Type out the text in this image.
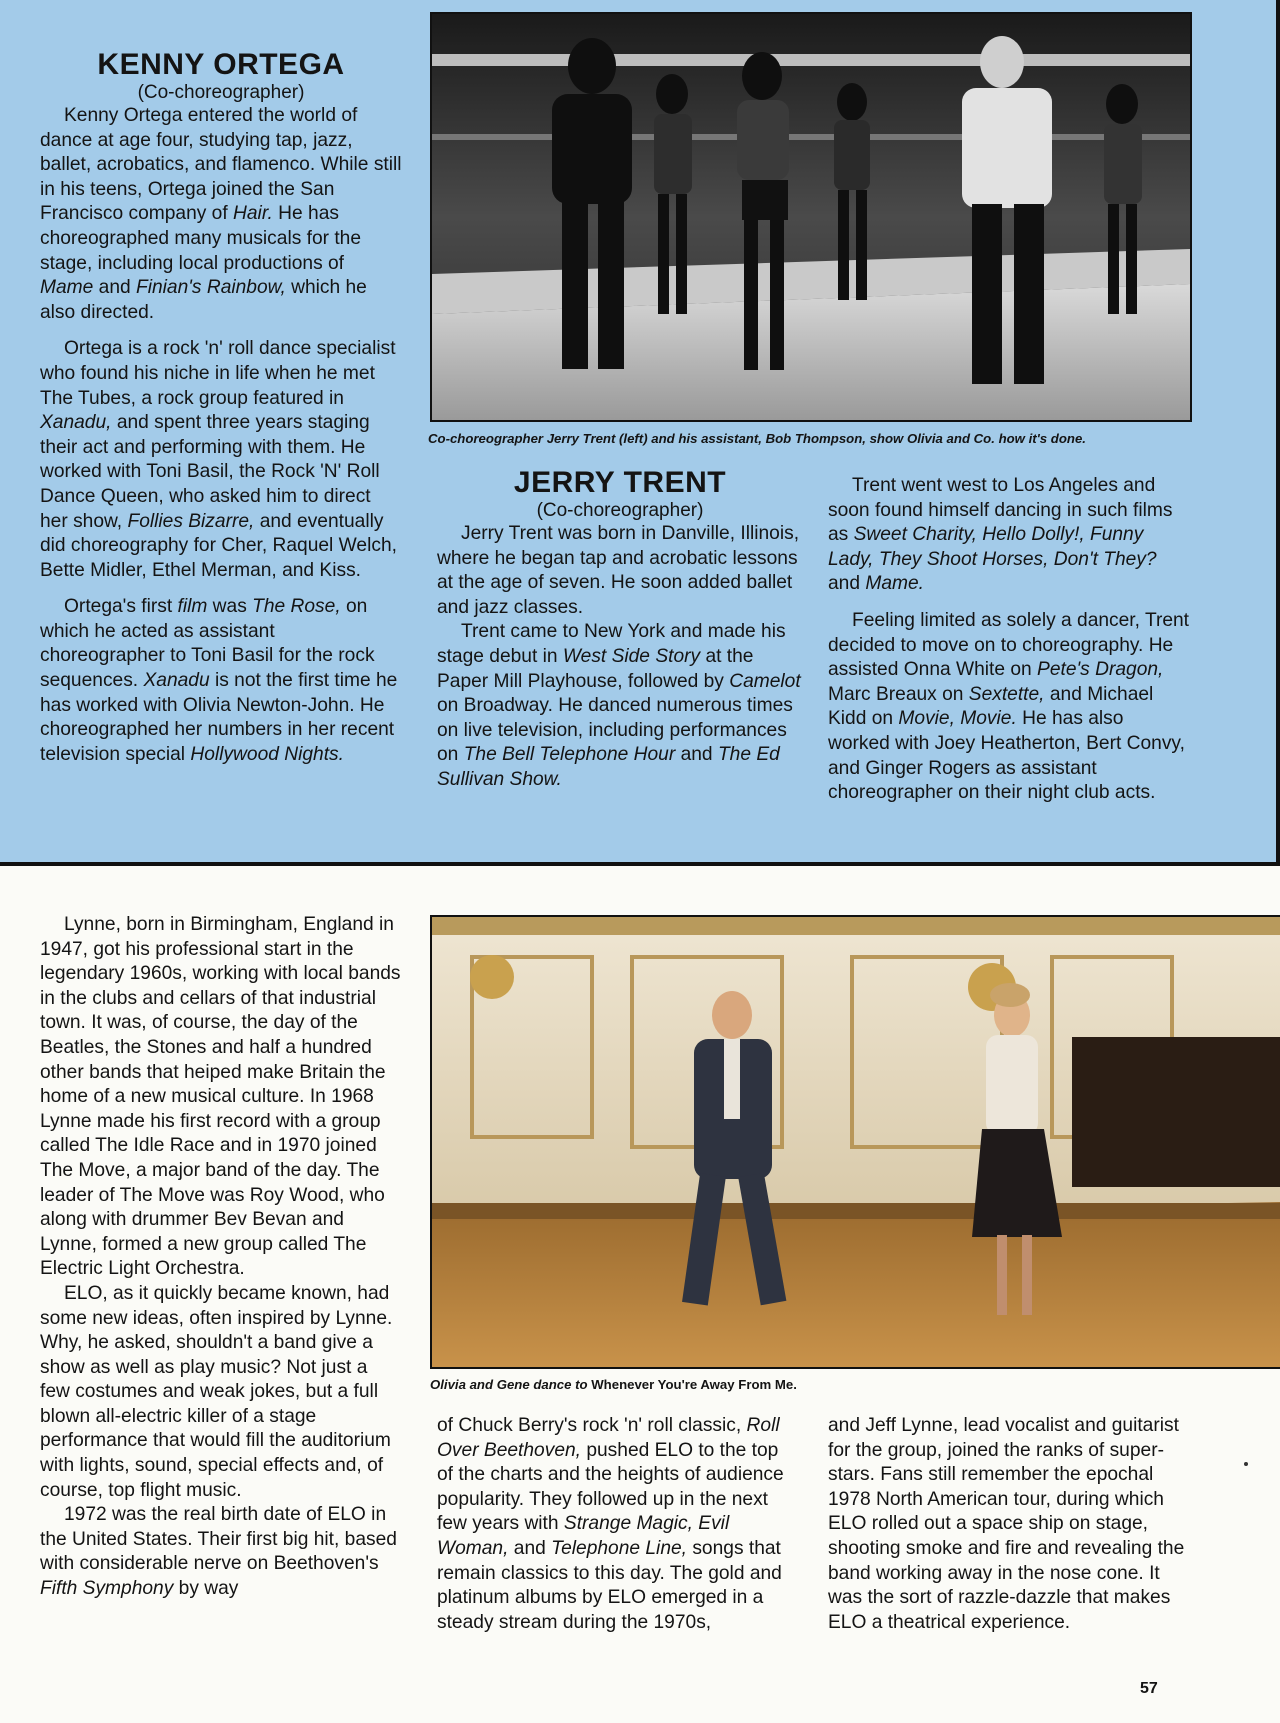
KENNY ORTEGA

(Co-choreographer)

Kenny Ortega entered the world of dance at age four, studying tap, jazz, ballet, acrobatics, and flamenco. While still in his teens, Ortega joined the San Francisco company of Hair. He has choreographed many musicals for the stage, including local productions of Mame and Finian's Rainbow, which he also directed.

Ortega is a rock 'n' roll dance specialist who found his niche in life when he met The Tubes, a rock group featured in Xanadu, and spent three years staging their act and performing with them. He worked with Toni Basil, the Rock 'N' Roll Dance Queen, who asked him to direct her show, Follies Bizarre, and eventually did choreography for Cher, Raquel Welch, Bette Midler, Ethel Merman, and Kiss.

Ortega's first film was The Rose, on which he acted as assistant choreographer to Toni Basil for the rock sequences. Xanadu is not the first time he has worked with Olivia Newton-John. He choreographed her numbers in her recent television special Hollywood Nights.

Co-choreographer Jerry Trent (left) and his assistant, Bob Thompson, show Olivia and Co. how it's done.
JERRY TRENT

(Co-choreographer)

Jerry Trent was born in Danville, Illinois, where he began tap and acrobatic lessons at the age of seven. He soon added ballet and jazz classes.

Trent came to New York and made his stage debut in West Side Story at the Paper Mill Playhouse, followed by Camelot on Broadway. He danced numerous times on live television, including performances on The Bell Telephone Hour and The Ed Sullivan Show.

Trent went west to Los Angeles and soon found himself dancing in such films as Sweet Charity, Hello Dolly!, Funny Lady, They Shoot Horses, Don't They? and Mame.

Feeling limited as solely a dancer, Trent decided to move on to choreography. He assisted Onna White on Pete's Dragon, Marc Breaux on Sextette, and Michael Kidd on Movie, Movie. He has also worked with Joey Heatherton, Bert Convy, and Ginger Rogers as assistant choreographer on their night club acts.

Lynne, born in Birmingham, England in 1947, got his professional start in the legendary 1960s, working with local bands in the clubs and cellars of that industrial town. It was, of course, the day of the Beatles, the Stones and half a hundred other bands that heiped make Britain the home of a new musical culture. In 1968 Lynne made his first record with a group called The Idle Race and in 1970 joined The Move, a major band of the day. The leader of The Move was Roy Wood, who along with drummer Bev Bevan and Lynne, formed a new group called The Electric Light Orchestra.

ELO, as it quickly became known, had some new ideas, often inspired by Lynne. Why, he asked, shouldn't a band give a show as well as play music? Not just a few costumes and weak jokes, but a full blown all-electric killer of a stage performance that would fill the auditorium with lights, sound, special effects and, of course, top flight music.

1972 was the real birth date of ELO in the United States. Their first big hit, based with considerable nerve on Beethoven's Fifth Symphony by way

Olivia and Gene dance to Whenever You're Away From Me.

of Chuck Berry's rock 'n' roll classic, Roll Over Beethoven, pushed ELO to the top of the charts and the heights of audience popularity. They followed up in the next few years with Strange Magic, Evil Woman, and Telephone Line, songs that remain classics to this day. The gold and platinum albums by ELO emerged in a steady stream during the 1970s,

and Jeff Lynne, lead vocalist and guitarist for the group, joined the ranks of super-stars. Fans still remember the epochal 1978 North American tour, during which ELO rolled out a space ship on stage, shooting smoke and fire and revealing the band working away in the nose cone. It was the sort of razzle-dazzle that makes ELO a theatrical experience.

57
